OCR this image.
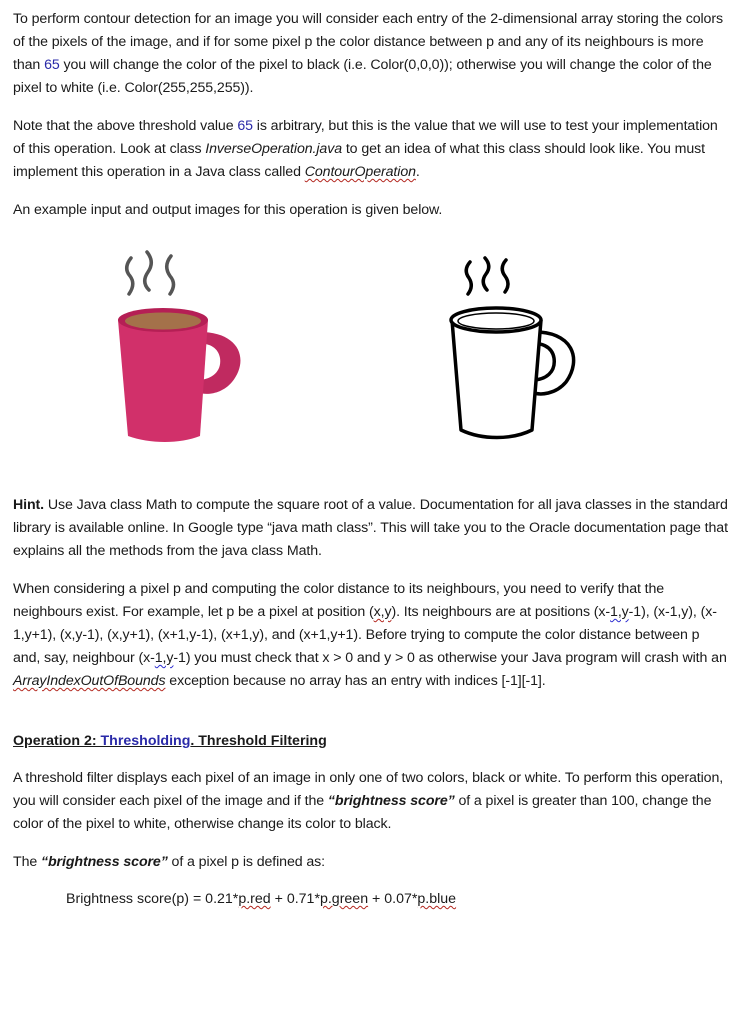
To perform contour detection for an image you will consider each entry of the 2-dimensional array storing the colors of the pixels of the image, and if for some pixel p the color distance between p and any of its neighbours is more than 65 you will change the color of the pixel to black (i.e. Color(0,0,0)); otherwise you will change the color of the pixel to white (i.e. Color(255,255,255)).

Note that the above threshold value 65 is arbitrary, but this is the value that we will use to test your implementation of this operation. Look at class InverseOperation.java to get an idea of what this class should look like. You must implement this operation in a Java class called ContourOperation.

An example input and output images for this operation is given below.

Hint. Use Java class Math to compute the square root of a value. Documentation for all java classes in the standard library is available online. In Google type “java math class”. This will take you to the Oracle documentation page that explains all the methods from the java class Math.

When considering a pixel p and computing the color distance to its neighbours, you need to verify that the neighbours exist. For example, let p be a pixel at position (x,y). Its neighbours are at positions (x-1,y-1), (x-1,y), (x-1,y+1), (x,y-1), (x,y+1), (x+1,y-1), (x+1,y), and (x+1,y+1). Before trying to compute the color distance between p and, say, neighbour (x-1,y-1) you must check that x > 0 and y > 0 as otherwise your Java program will crash with an ArrayIndexOutOfBounds exception because no array has an entry with indices [-1][-1].

Operation 2: Thresholding. Threshold Filtering

A threshold filter displays each pixel of an image in only one of two colors, black or white. To perform this operation, you will consider each pixel of the image and if the “brightness score” of a pixel is greater than 100, change the color of the pixel to white, otherwise change its color to black.

The “brightness score” of a pixel p is defined as:

Brightness score(p) = 0.21*p.red + 0.71*p.green + 0.07*p.blue
